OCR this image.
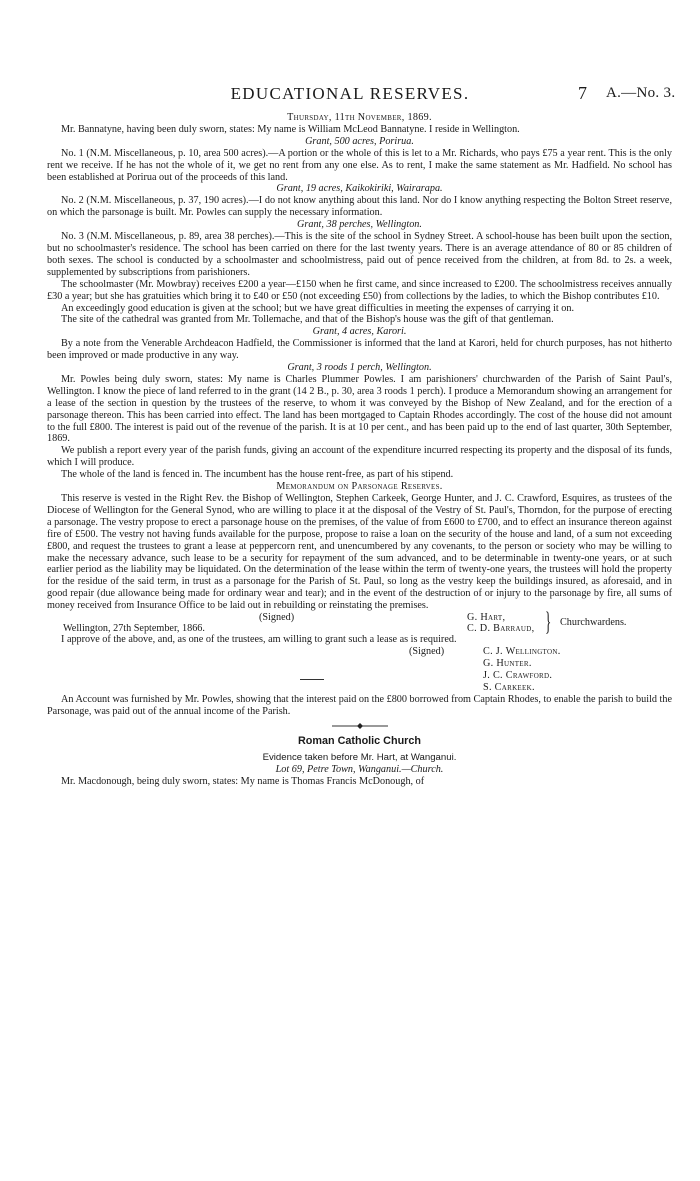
EDUCATIONAL RESERVES.	7 A.—No. 3.
Thursday, 11th November, 1869.

Mr. Bannatyne, having been duly sworn, states: My name is William McLeod Bannatyne. I reside in Wellington.

Grant, 500 acres, Porirua.

No. 1 (N.M. Miscellaneous, p. 10, area 500 acres).—A portion or the whole of this is let to a Mr. Richards, who pays £75 a year rent. This is the only rent we receive. If he has not the whole of it, we get no rent from any one else. As to rent, I make the same statement as Mr. Hadfield. No school has been established at Porirua out of the proceeds of this land.

Grant, 19 acres, Kaikokiriki, Wairarapa.

No. 2 (N.M. Miscellaneous, p. 37, 190 acres).—I do not know anything about this land. Nor do I know anything respecting the Bolton Street reserve, on which the parsonage is built. Mr. Powles can supply the necessary information.

Grant, 38 perches, Wellington.

No. 3 (N.M. Miscellaneous, p. 89, area 38 perches).—This is the site of the school in Sydney Street. A school-house has been built upon the section, but no schoolmaster's residence. The school has been carried on there for the last twenty years. There is an average attendance of 80 or 85 children of both sexes. The school is conducted by a schoolmaster and schoolmistress, paid out of pence received from the children, at from 8d. to 2s. a week, supplemented by subscriptions from parishioners.

The schoolmaster (Mr. Mowbray) receives £200 a year—£150 when he first came, and since increased to £200. The schoolmistress receives annually £30 a year; but she has gratuities which bring it to £40 or £50 (not exceeding £50) from collections by the ladies, to which the Bishop contributes £10.

An exceedingly good education is given at the school; but we have great difficulties in meeting the expenses of carrying it on.

The site of the cathedral was granted from Mr. Tollemache, and that of the Bishop's house was the gift of that gentleman.

Grant, 4 acres, Karori.

By a note from the Venerable Archdeacon Hadfield, the Commissioner is informed that the land at Karori, held for church purposes, has not hitherto been improved or made productive in any way.

Grant, 3 roods 1 perch, Wellington.

Mr. Powles being duly sworn, states: My name is Charles Plummer Powles. I am parishioners' churchwarden of the Parish of Saint Paul's, Wellington. I know the piece of land referred to in the grant (14 2 B., p. 30, area 3 roods 1 perch). I produce a Memorandum showing an arrangement for a lease of the section in question by the trustees of the reserve, to whom it was conveyed by the Bishop of New Zealand, and for the erection of a parsonage thereon. This has been carried into effect. The land has been mortgaged to Captain Rhodes accordingly. The cost of the house did not amount to the full £800. The interest is paid out of the revenue of the parish. It is at 10 per cent., and has been paid up to the end of last quarter, 30th September, 1869.

We publish a report every year of the parish funds, giving an account of the expenditure incurred respecting its property and the disposal of its funds, which I will produce.

The whole of the land is fenced in. The incumbent has the house rent-free, as part of his stipend.

Memorandum on Parsonage Reserves.

This reserve is vested in the Right Rev. the Bishop of Wellington, Stephen Carkeek, George Hunter, and J. C. Crawford, Esquires, as trustees of the Diocese of Wellington for the General Synod, who are willing to place it at the disposal of the Vestry of St. Paul's, Thorndon, for the purpose of erecting a parsonage. The vestry propose to erect a parsonage house on the premises, of the value of from £600 to £700, and to effect an insurance thereon against fire of £500. The vestry not having funds available for the purpose, propose to raise a loan on the security of the house and land, of a sum not exceeding £800, and request the trustees to grant a lease at peppercorn rent, and unencumbered by any covenants, to the person or society who may be willing to make the necessary advance, such lease to be a security for repayment of the sum advanced, and to be determinable in twenty-one years, or at such earlier period as the liability may be liquidated. On the determination of the lease within the term of twenty-one years, the trustees will hold the property for the residue of the said term, in trust as a parsonage for the Parish of St. Paul, so long as the vestry keep the buildings insured, as aforesaid, and in good repair (due allowance being made for ordinary wear and tear); and in the event of the destruction of or injury to the parsonage by fire, all sums of money received from Insurance Office to be laid out in rebuilding or reinstating the premises.

(Signed)	G. Hart,
Wellington, 27th September, 1866.	C. D. Barraud, } Churchwardens.

I approve of the above, and, as one of the trustees, am willing to grant such a lease as is required.

(Signed)	C. J. Wellington.
G. Hunter.
J. C. Crawford.
S. Carkeek.

An Account was furnished by Mr. Powles, showing that the interest paid on the £800 borrowed from Captain Rhodes, to enable the parish to build the Parsonage, was paid out of the annual income of the Parish.

Roman Catholic Church
Evidence taken before Mr. Hart, at Wanganui.
Lot 69, Petre Town, Wanganui.—Church.

Mr. Macdonough, being duly sworn, states: My name is Thomas Francis McDonough, of
